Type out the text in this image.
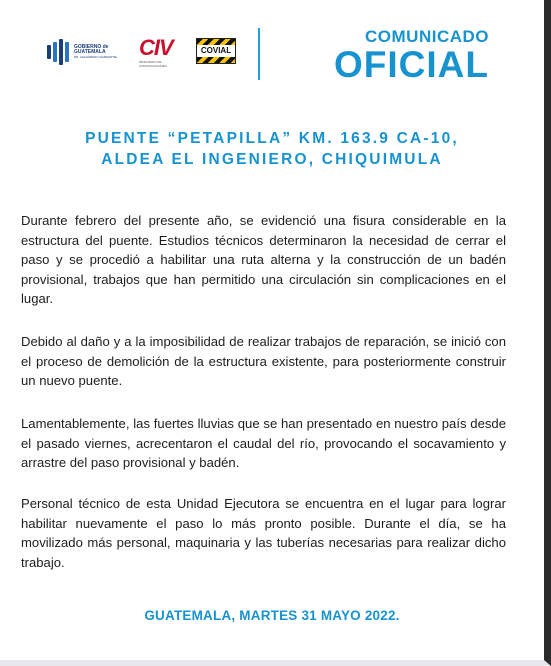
GOBIERNO de
GUATEMALA
DR. ALEJANDRO GIAMMATTEI CIV
MINISTERIO DE COMUNICACIONES
COVIAL
COMUNICADO
OFICIAL
PUENTE “PETAPILLA” KM. 163.9 CA-10,
ALDEA EL INGENIERO, CHIQUIMULA

Durante febrero del presente año, se evidenció una fisura considerable en la estructura del puente. Estudios técnicos determinaron la necesidad de cerrar el paso y se procedió a habilitar una ruta alterna y la construcción de un badén provisional, trabajos que han permitido una circulación sin complicaciones en el lugar.

Debido al daño y a la imposibilidad de realizar trabajos de reparación, se inició con el proceso de demolición de la estructura existente, para posteriormente construir un nuevo puente.

Lamentablemente, las fuertes lluvias que se han presentado en nuestro país desde el pasado viernes, acrecentaron el caudal del río, provocando el socavamiento y arrastre del paso provisional y badén.

Personal técnico de esta Unidad Ejecutora se encuentra en el lugar para lograr habilitar nuevamente el paso lo más pronto posible. Durante el día, se ha movilizado más personal, maquinaria y las tuberías necesarias para realizar dicho trabajo.

GUATEMALA, MARTES 31 MAYO 2022.
